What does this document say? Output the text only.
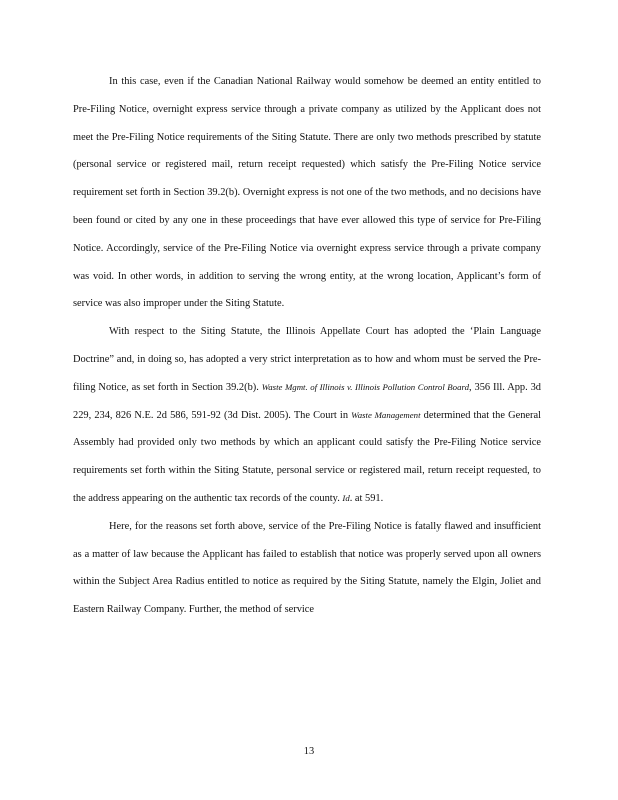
In this case, even if the Canadian National Railway would somehow be deemed an entity entitled to Pre-Filing Notice, overnight express service through a private company as utilized by the Applicant does not meet the Pre-Filing Notice requirements of the Siting Statute. There are only two methods prescribed by statute (personal service or registered mail, return receipt requested) which satisfy the Pre-Filing Notice service requirement set forth in Section 39.2(b). Overnight express is not one of the two methods, and no decisions have been found or cited by any one in these proceedings that have ever allowed this type of service for Pre-Filing Notice. Accordingly, service of the Pre-Filing Notice via overnight express service through a private company was void. In other words, in addition to serving the wrong entity, at the wrong location, Applicant’s form of service was also improper under the Siting Statute.

With respect to the Siting Statute, the Illinois Appellate Court has adopted the ‘Plain Language Doctrine” and, in doing so, has adopted a very strict interpretation as to how and whom must be served the Pre-filing Notice, as set forth in Section 39.2(b). Waste Mgmt. of Illinois v. Illinois Pollution Control Board, 356 Ill. App. 3d 229, 234, 826 N.E. 2d 586, 591-92 (3d Dist. 2005). The Court in Waste Management determined that the General Assembly had provided only two methods by which an applicant could satisfy the Pre-Filing Notice service requirements set forth within the Siting Statute, personal service or registered mail, return receipt requested, to the address appearing on the authentic tax records of the county. Id. at 591.

Here, for the reasons set forth above, service of the Pre-Filing Notice is fatally flawed and insufficient as a matter of law because the Applicant has failed to establish that notice was properly served upon all owners within the Subject Area Radius entitled to notice as required by the Siting Statute, namely the Elgin, Joliet and Eastern Railway Company. Further, the method of service

13
